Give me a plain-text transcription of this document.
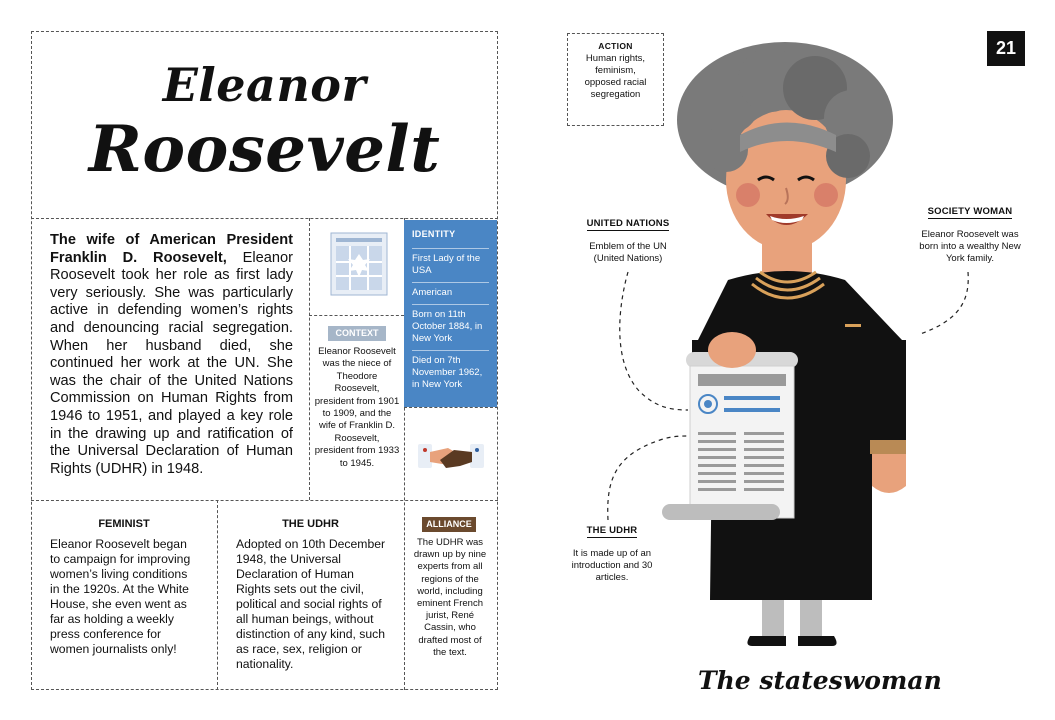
Eleanor
Roosevelt
The wife of American President Franklin D. Roosevelt, Eleanor Roosevelt took her role as first lady very seriously. She was particularly active in defending women’s rights and denouncing racial segregation. When her husband died, she continued her work at the UN. She was the chair of the United Nations Commission on Human Rights from 1946 to 1951, and played a key role in the drawing up and ratification of the Universal Declaration of Human Rights (UDHR) in 1948.
IDENTITY
First Lady of the USA
American
Born on 11th October 1884, in New York
Died on 7th November 1962, in New York
CONTEXT
Eleanor Roosevelt was the niece of Theodore Roosevelt, president from 1901 to 1909, and the wife of Franklin D. Roosevelt, president from 1933 to 1945.
FEMINIST
Eleanor Roosevelt began to campaign for improving women’s living conditions in the 1920s. At the White House, she even went as far as holding a weekly press conference for women journalists only!
THE UDHR
Adopted on 10th December 1948, the Universal Declaration of Human Rights sets out the civil, political and social rights of all human beings, without distinction of any kind, such as race, sex, religion or nationality.
ALLIANCE
The UDHR was drawn up by nine experts from all regions of the world, including eminent French jurist, René Cassin, who drafted most of the text.
21
ACTION
Human rights, feminism, opposed racial segregation
UNITED NATIONS
Emblem of the UN (United Nations)
SOCIETY WOMAN
Eleanor Roosevelt was born into a wealthy New York family.
THE UDHR
It is made up of an introduction and 30 articles.
The stateswoman
